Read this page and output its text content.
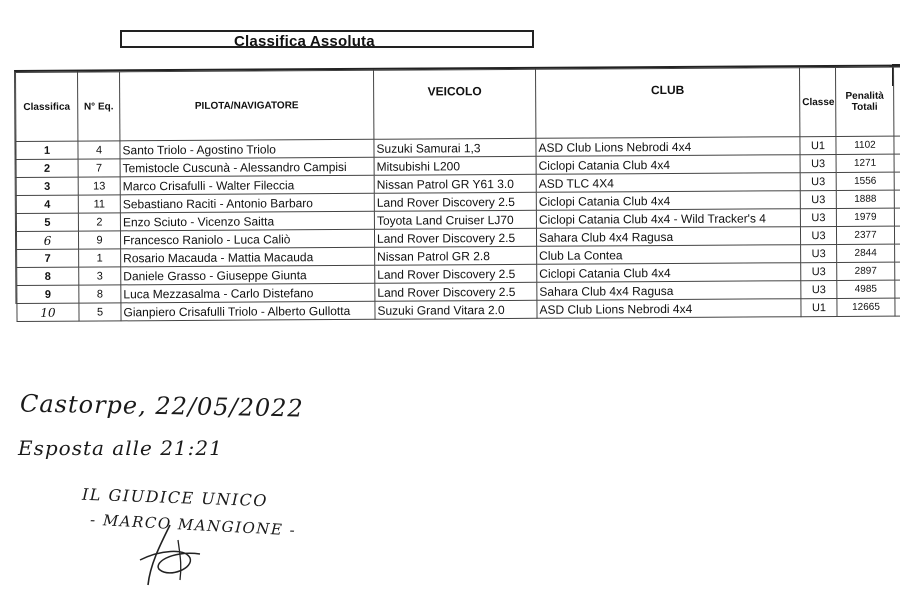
Classifica Assoluta
Classifica	N° Eq.	PILOTA/NAVIGATORE	VEICOLO	CLUB	Classe	Penalità Totali	
1	4	Santo Triolo - Agostino Triolo	Suzuki Samurai 1,3	ASD Club Lions Nebrodi 4x4	U1	1102	
2	7	Temistocle Cuscunà - Alessandro Campisi	Mitsubishi L200	Ciclopi Catania Club 4x4	U3	1271	
3	13	Marco Crisafulli - Walter Fileccia	Nissan Patrol GR Y61 3.0	ASD TLC 4X4	U3	1556	
4	11	Sebastiano Raciti - Antonio Barbaro	Land Rover Discovery 2.5	Ciclopi Catania Club 4x4	U3	1888	
5	2	Enzo Sciuto - Vicenzo Saitta	Toyota Land Cruiser LJ70	Ciclopi Catania Club 4x4 - Wild Tracker's 4	U3	1979	
6	9	Francesco Raniolo - Luca Caliò	Land Rover Discovery 2.5	Sahara Club 4x4 Ragusa	U3	2377	
7	1	Rosario Macauda - Mattia Macauda	Nissan Patrol GR 2.8	Club La Contea	U3	2844	
8	3	Daniele Grasso - Giuseppe Giunta	Land Rover Discovery 2.5	Ciclopi Catania Club 4x4	U3	2897	
9	8	Luca Mezzasalma - Carlo Distefano	Land Rover Discovery 2.5	Sahara Club 4x4 Ragusa	U3	4985	
10	5	Gianpiero Crisafulli Triolo - Alberto Gullotta	Suzuki Grand Vitara 2.0	ASD Club Lions Nebrodi 4x4	U1	12665	
Castorpe, 22/05/2022
Esposta alle 21:21
IL GIUDICE UNICO
- MARCO MANGIONE -
